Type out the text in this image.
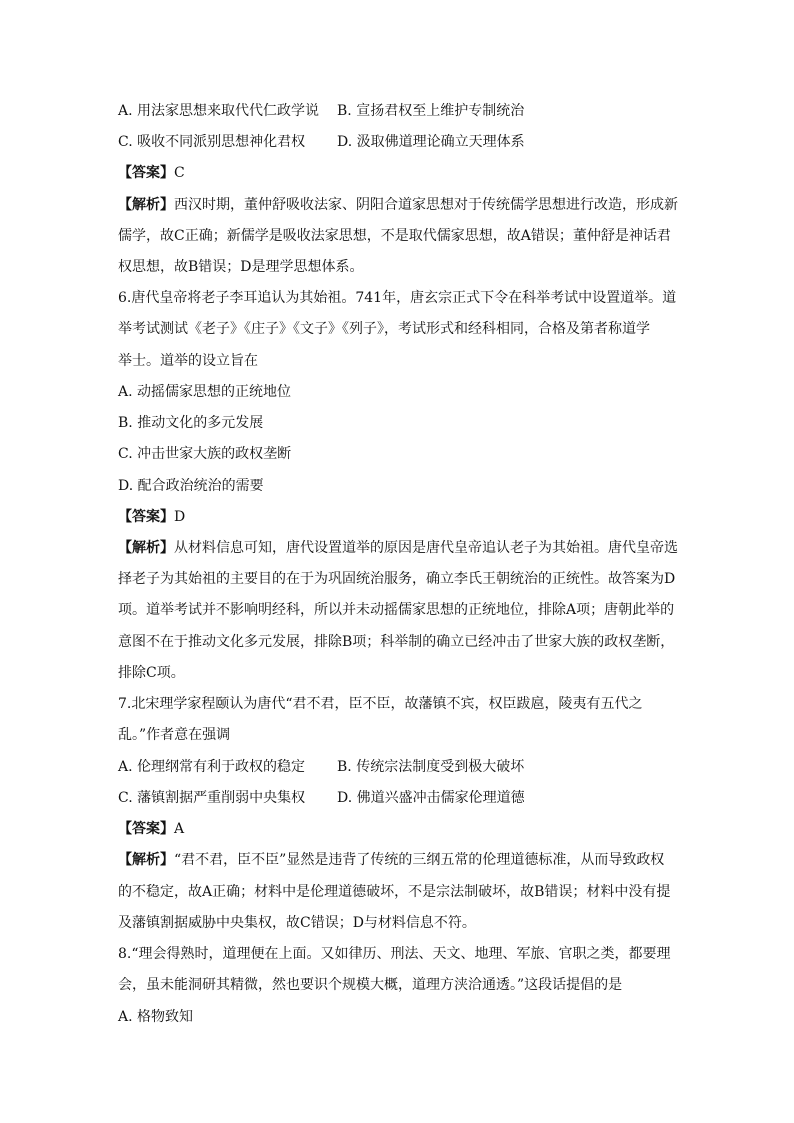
A. 用法家思想来取代代仁政学说 B. 宣扬君权至上维护专制统治
C. 吸收不同派别思想神化君权 D. 汲取佛道理论确立天理体系
【答案】C
【解析】西汉时期，董仲舒吸收法家、阴阳合道家思想对于传统儒学思想进行改造，形成新
儒学，故C正确；新儒学是吸收法家思想，不是取代儒家思想，故A错误；董仲舒是神话君
权思想，故B错误；D是理学思想体系。
6.唐代皇帝将老子李耳追认为其始祖。741年，唐玄宗正式下令在科举考试中设置道举。道
举考试测试《老子》《庄子》《文子》《列子》，考试形式和经科相同，合格及第者称道学
举士。道举的设立旨在
A. 动摇儒家思想的正统地位
B. 推动文化的多元发展
C. 冲击世家大族的政权垄断
D. 配合政治统治的需要
【答案】D
【解析】从材料信息可知，唐代设置道举的原因是唐代皇帝追认老子为其始祖。唐代皇帝选
择老子为其始祖的主要目的在于为巩固统治服务，确立李氏王朝统治的正统性。故答案为D
项。道举考试并不影响明经科，所以并未动摇儒家思想的正统地位，排除A项；唐朝此举的
意图不在于推动文化多元发展，排除B项；科举制的确立已经冲击了世家大族的政权垄断，
排除C项。
7.北宋理学家程颐认为唐代“君不君，臣不臣，故藩镇不宾，权臣跋扈，陵夷有五代之
乱。”作者意在强调
A. 伦理纲常有利于政权的稳定 B. 传统宗法制度受到极大破坏
C. 藩镇割据严重削弱中央集权 D. 佛道兴盛冲击儒家伦理道德
【答案】A
【解析】“君不君，臣不臣”显然是违背了传统的三纲五常的伦理道德标准，从而导致政权
的不稳定，故A正确；材料中是伦理道德破坏，不是宗法制破坏，故B错误；材料中没有提
及藩镇割据威胁中央集权，故C错误；D与材料信息不符。
8.“理会得熟时，道理便在上面。又如律历、刑法、天文、地理、军旅、官职之类，都要理
会，虽未能洞研其精微，然也要识个规模大概，道理方浃洽通透。”这段话提倡的是
A. 格物致知
